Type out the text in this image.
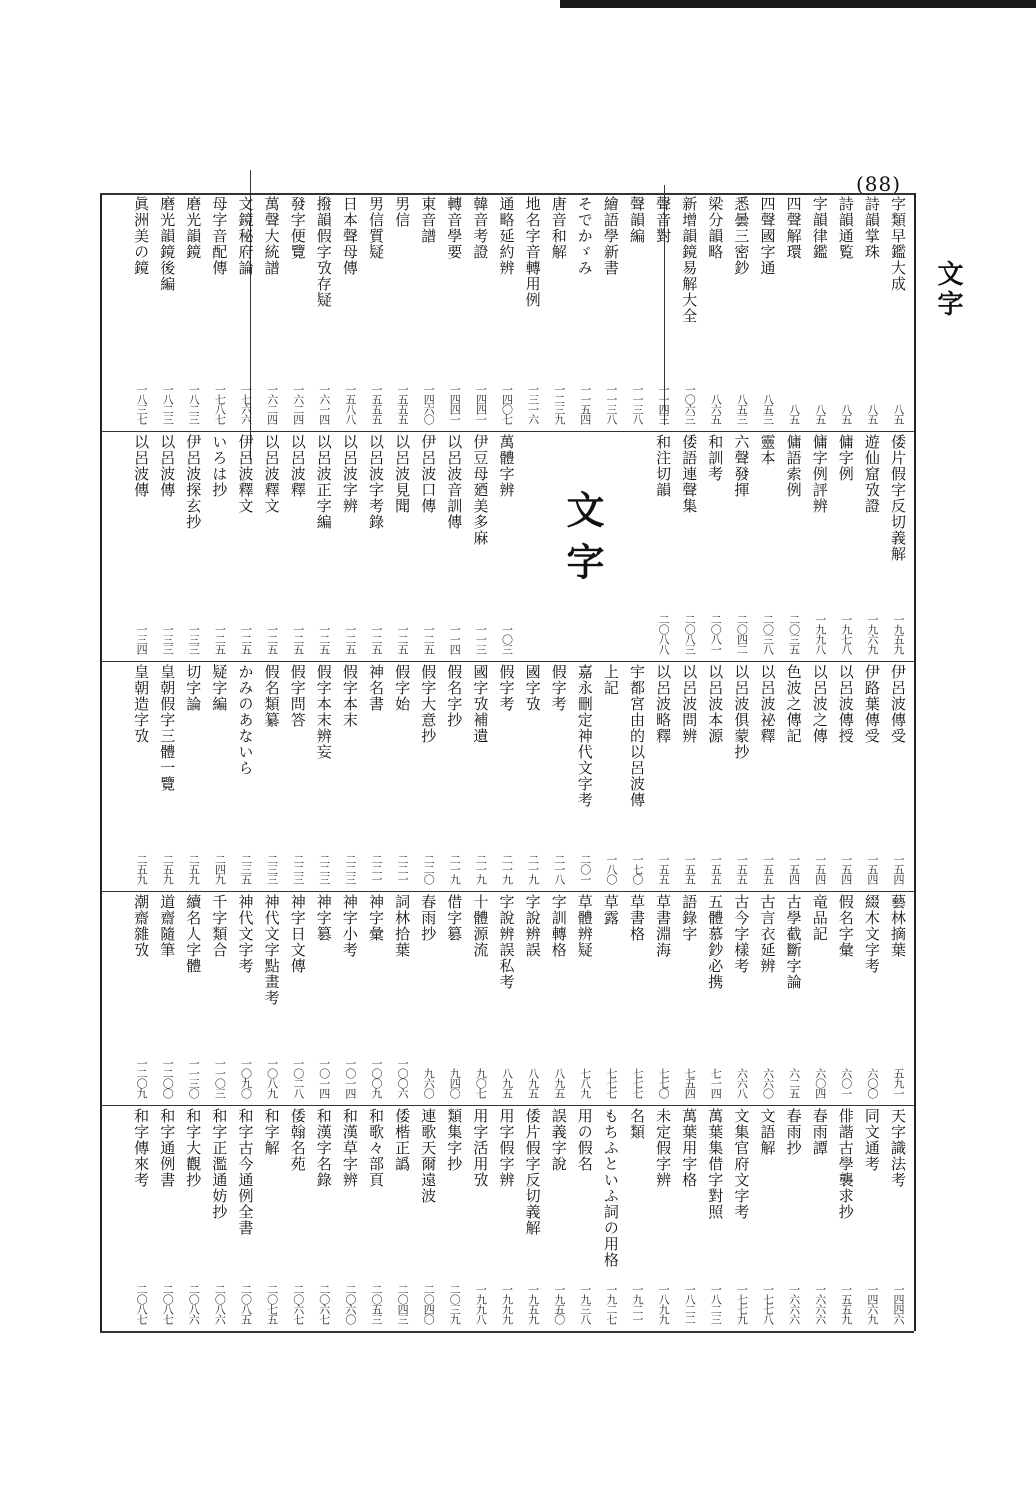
(88)
文字
文字
字類早鑑大成
八五
詩韻掌珠
八五
詩韻通覧
八五
字韻律鑑
八五
四聲解環
八五
四聲國字通
八五三
悉曇三密鈔
八五三
梁分韻略
八六五
新增韻鏡易解大全
一〇六三
聲音對
一一四三
聲韻編
一一三八
繪語學新書
一一三八
そでかゞみ
一一五四
唐音和解
一二三九
地名字音轉用例
一三一六
通略延約辨
一四〇七
韓音考證
一四四一
轉音學要
一四四一
東音譜
一四六〇
男信
一五五五
男信質疑
一五五五
日本聲母傳
一五八八
撥韻假字攷存疑
一六一四
發字便覽
一六二四
萬聲大統譜
一六二四
文鏡秘府論
一七六六
母字音配傳
一七八七
磨光韻鏡
一八二三
磨光韻鏡後編
一八二三
眞洲美の鏡
一八三七
倭片假字反切義解
一九五九
遊仙窟攷證
一九六九
傭字例
一九七八
傭字例評辨
一九九八
傭語索例
二〇三五
靈本
二〇三八
六聲發揮
二〇四二
和訓考
二〇八一
倭語連聲集
二〇八三
和注切韻
二〇八八
萬體字辨
一〇三
伊豆母廼美多麻
一一三
以呂波音訓傳
一一四
伊呂波口傳
一二五
以呂波見聞
一二五
以呂波字考錄
一二五
以呂波字辨
一二五
以呂波正字編
一二五
以呂波釋
一二五
以呂波釋文
一二五
伊呂波釋文
一二五
いろは抄
一二五
伊呂波探玄抄
一三三
以呂波傳
一三三
以呂波傳
一三四
伊呂波傳受
一五四
伊路葉傳受
一五四
以呂波傳授
一五四
以呂波之傳
一五四
色波之傳記
一五四
以呂波祕釋
一五五
以呂波俱蒙抄
一五五
以呂波本源
一五五
以呂波問辨
一五五
以呂波略釋
一五五
宇都宮由的以呂波傳
一七〇
上記
一八〇
嘉永刪定神代文字考
二〇一
假字考
二一八
國字攷
二一九
假字考
二一九
國字攷補遺
二一九
假名字抄
二一九
假字大意抄
二二〇
假字始
二二一
神名書
二二一
假字本末
二二三
假字本末辨妄
二二三
假字問答
二二三
假名類纂
二三三
かみのあないら
二三五
疑字編
二四九
切字論
二五九
皇朝假字三體一覽
二五九
皇朝造字攷
二五九
藝林摘葉
五九一
綴木文字考
六〇〇
假名字彙
六〇一
竜品記
六〇四
古學截斷字論
六二五
古言衣延辨
六六〇
古今字樣考
六六八
五體慕鈔必携
七一四
語錄字
七五四
草書淵海
七七〇
草書格
七七七
草露
七七七
草體辨疑
七八九
字訓轉格
八九五
字說辨誤
八九五
字說辨誤私考
八九五
十體源流
九〇七
借字篡
九四〇
春雨抄
九六〇
詞林拾葉
一〇〇六
神字彙
一〇〇九
神字小考
一〇一四
神字篡
一〇一四
神字日文傳
一〇二八
神代文字點畫考
一〇八九
神代文字考
一〇九〇
千字類合
一一〇三
續名人字體
一一三〇
道齋隨筆
一二〇〇
潮齋雜攷
一二〇九
天字識法考
一四四六
同文通考
一四六九
俳諧古學襲求抄
一五五九
春雨譚
一六六六
春雨抄
一六六六
文語解
一七七八
文集官府文字考
一七七九
萬葉集借字對照
一八二三
萬葉用字格
一八二二
未定假字辨
一八九九
名類
一九二一
もちふといふ詞の用格
一九二七
用の假名
一九三八
誤義字說
一九五〇
倭片假字反切義解
一九五九
用字假字辨
一九九九
用字活用攷
一九九八
類集字抄
二〇三九
連歌天爾遠波
二〇四〇
倭楷正譌
二〇四三
和歌々部頁
二〇五三
和漢草字辨
二〇六〇
和漢字名錄
二〇六七
倭翰名苑
二〇六七
和字解
二〇七五
和字古今通例全書
二〇八五
和字正濫通妨抄
二〇八六
和字大觀抄
二〇八六
和字通例書
二〇八七
和字傳來考
二〇八七
